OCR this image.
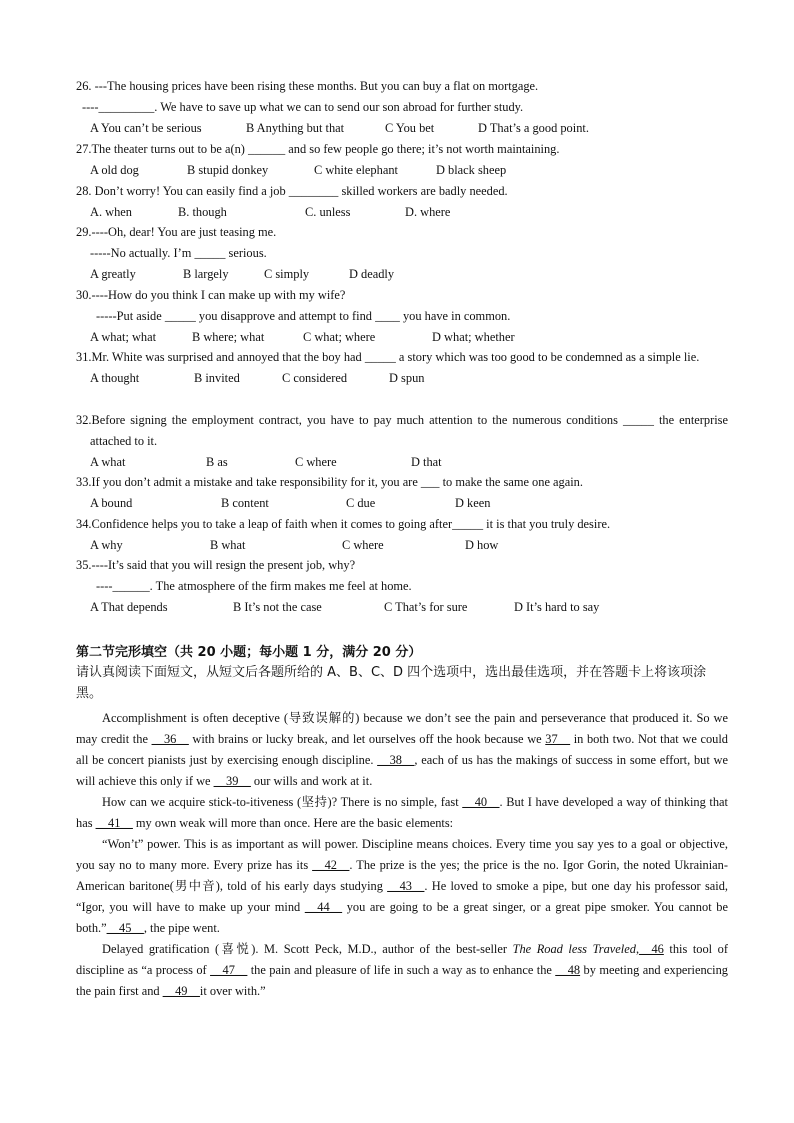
26. ---The housing prices have been rising these months. But you can buy a flat on mortgage.
----_________. We have to save up what we can to send our son abroad for further study.
A You can’t be serious	B Anything but that	C You bet	D That’s a good point.
27.The theater turns out to be a(n) ______ and so few people go there; it’s not worth maintaining.
A old dog	B stupid donkey	C white elephant	D black sheep
28. Don’t worry! You can easily find a job ________ skilled workers are badly needed.
A. when	B. though	C. unless	D. where
29.----Oh, dear! You are just teasing me.
-----No actually. I’m _____ serious.
A greatly	B largely	C simply	D deadly
30.----How do you think I can make up with my wife?
-----Put aside _____ you disapprove and attempt to find ____ you have in common.
A what; what	B where; what	C what; where	D what; whether
31.Mr. White was surprised and annoyed that the boy had _____ a story which was too good to be condemned as a simple lie.
A thought	B invited	C considered	D spun
32.Before signing the employment contract, you have to pay much attention to the numerous conditions _____ the enterprise attached to it.
A what	B as	C where	D that
33.If you don’t admit a mistake and take responsibility for it, you are ___ to make the same one again.
A bound	B content	C due	D keen
34.Confidence helps you to take a leap of faith when it comes to going after_____ it is that you truly desire.
A why	B what	C where	D how
35.----It’s said that you will resign the present job, why?
----______. The atmosphere of the firm makes me feel at home.
A That depends	B It’s not the case	C That’s for sure	D It’s hard to say
第二节完形填空（共 20 小题；每小题 1 分，满分 20 分）
请认真阅读下面短文，从短文后各题所给的 A、B、C、D 四个选项中，选出最佳选项，并在答题卡上将该项涂黑。

Accomplishment is often deceptive (导致误解的) because we don’t see the pain and perseverance that produced it. So we may credit the __36__ with brains or lucky break, and let ourselves off the hook because we 37__ in both two. Not that we could all be concert pianists just by exercising enough discipline. __38__, each of us has the makings of success in some effort, but we will achieve this only if we __39__ our wills and work at it.

How can we acquire stick-to-itiveness (坚持)? There is no simple, fast __40__. But I have developed a way of thinking that has __41__ my own weak will more than once. Here are the basic elements:

“Won’t” power. This is as important as will power. Discipline means choices. Every time you say yes to a goal or objective, you say no to many more. Every prize has its __42__. The prize is the yes; the price is the no. Igor Gorin, the noted Ukrainian-American baritone(男中音), told of his early days studying __43__. He loved to smoke a pipe, but one day his professor said, “Igor, you will have to make up your mind __44__ you are going to be a great singer, or a great pipe smoker. You cannot be both.”__45__, the pipe went.

Delayed gratification (喜悦). M. Scott Peck, M.D., author of the best-seller The Road less Traveled,__46 this tool of discipline as “a process of __47__ the pain and pleasure of life in such a way as to enhance the __48 by meeting and experiencing the pain first and __49__it over with.”
